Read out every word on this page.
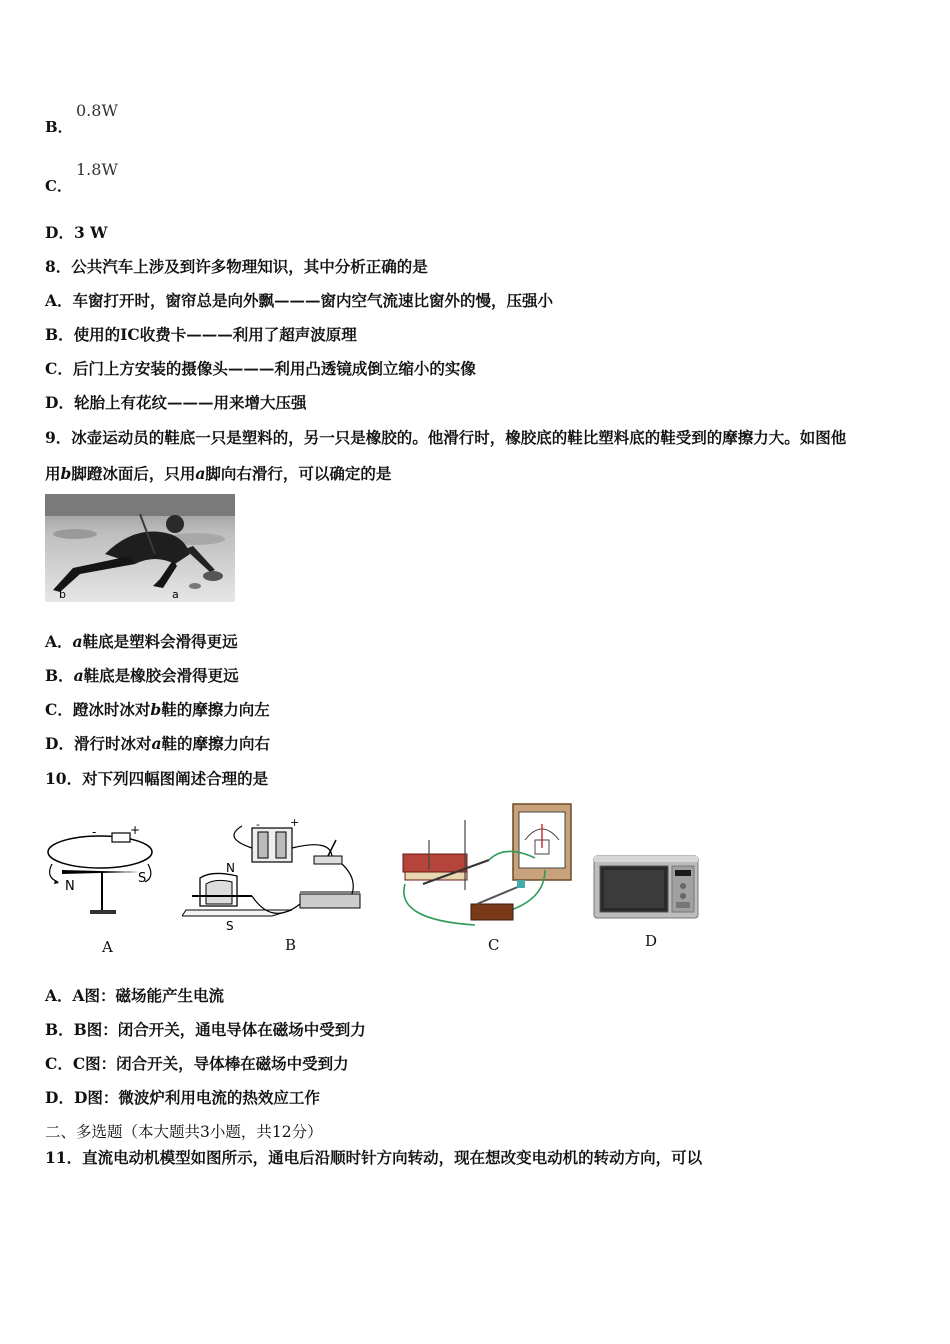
B．
0.8W
C．
1.8W
D．3 W
8．公共汽车上涉及到许多物理知识，其中分析正确的是
A．车窗打开时，窗帘总是向外飘———窗内空气流速比窗外的慢，压强小
B．使用的IC收费卡———利用了超声波原理
C．后门上方安装的摄像头———利用凸透镜成倒立缩小的实像
D．轮胎上有花纹———用来增大压强
9．冰壶运动员的鞋底一只是塑料的，另一只是橡胶的。他滑行时，橡胶底的鞋比塑料底的鞋受到的摩擦力大。如图他
用b脚蹬冰面后，只用a脚向右滑行，可以确定的是
b	a
A．a鞋底是塑料会滑得更远
B．a鞋底是橡胶会滑得更远
C．蹬冰时冰对b鞋的摩擦力向左
D．滑行时冰对a鞋的摩擦力向右
10．对下列四幅图阐述合理的是
-	+
N
S
A
-	+
N
S
B	C	D
A．A图：磁场能产生电流
B．B图：闭合开关，通电导体在磁场中受到力
C．C图：闭合开关，导体棒在磁场中受到力
D．D图：微波炉利用电流的热效应工作
二、多选题（本大题共3小题，共12分）
11．直流电动机模型如图所示，通电后沿顺时针方向转动，现在想改变电动机的转动方向，可以
